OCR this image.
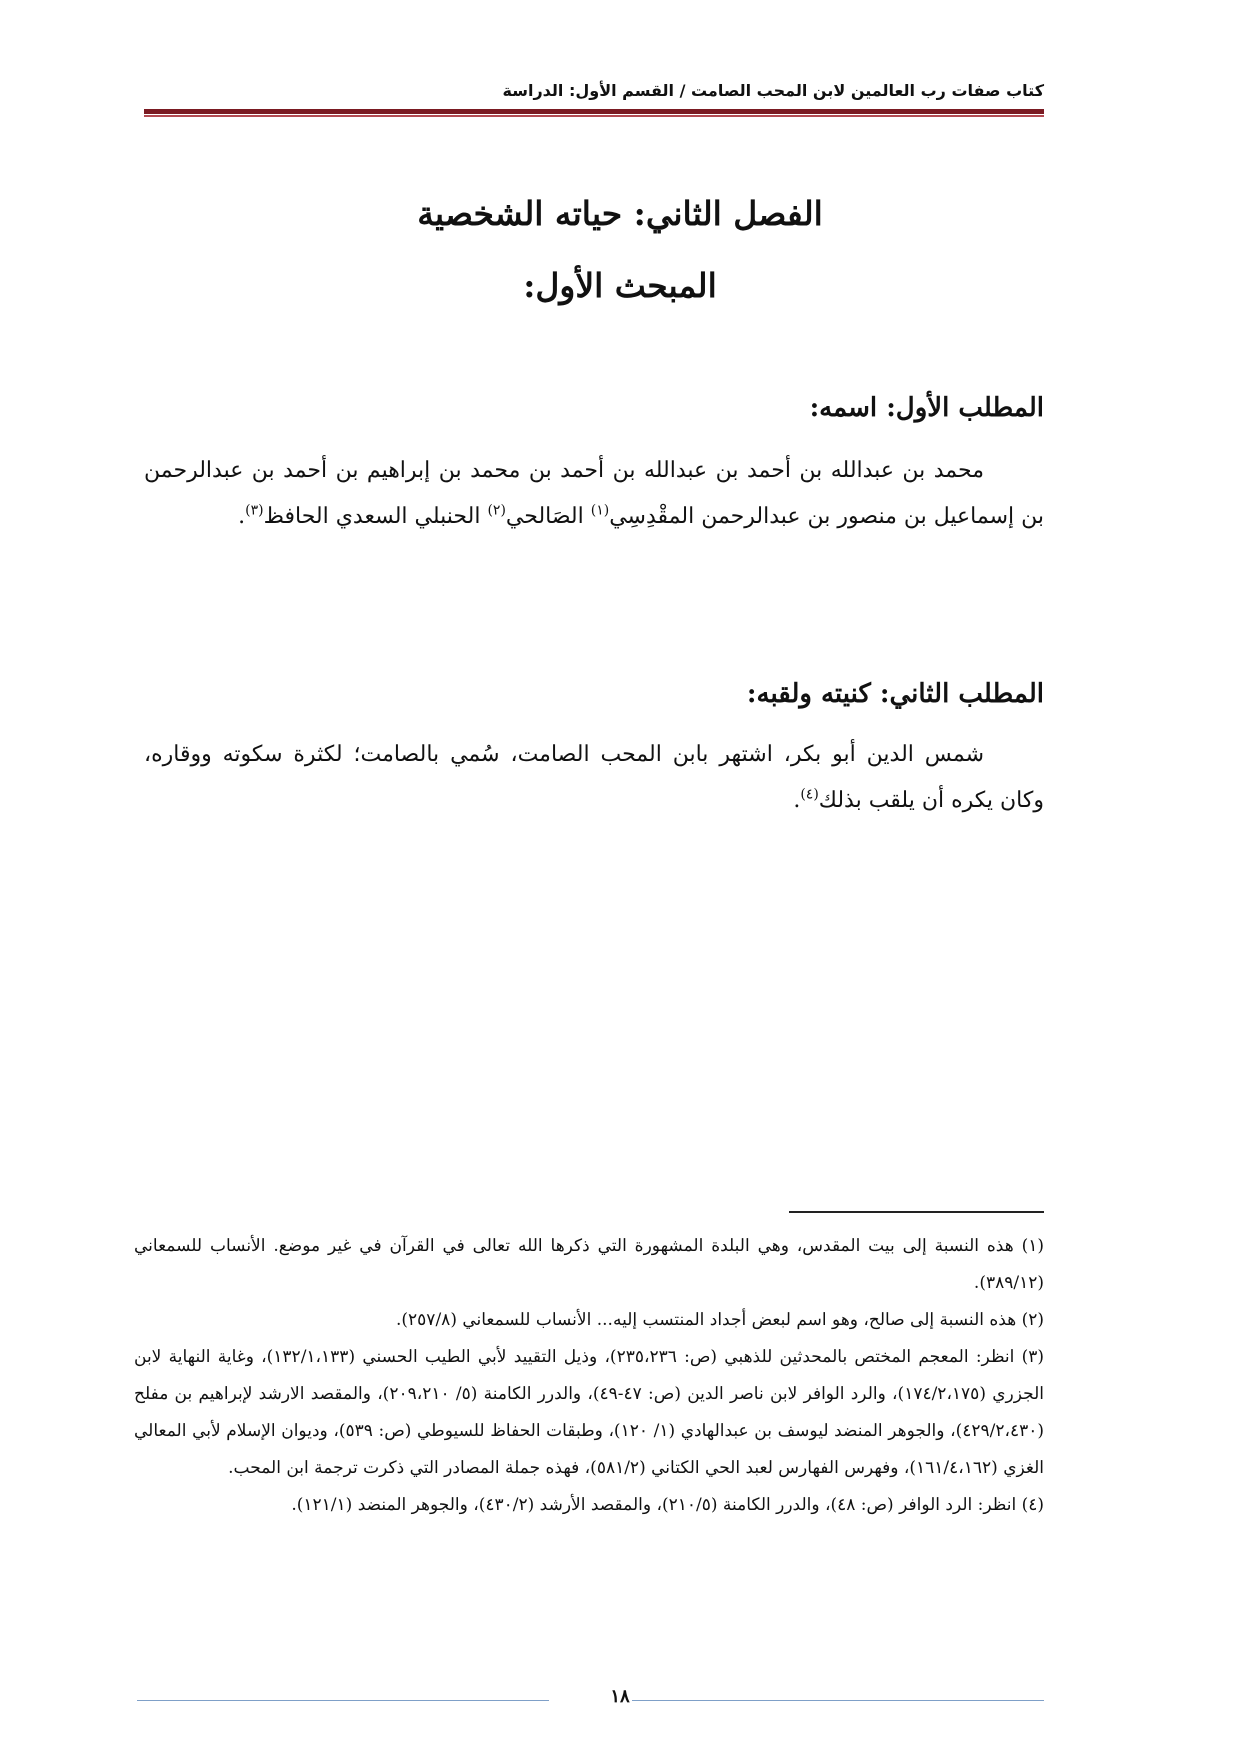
كتاب صفات رب العالمين لابن المحب الصامت / القسم الأول: الدراسة
الفصل الثاني: حياته الشخصية
المبحث الأول:
المطلب الأول: اسمه:

محمد بن عبدالله بن أحمد بن عبدالله بن أحمد بن محمد بن إبراهيم بن أحمد بن عبدالرحمن بن إسماعيل بن منصور بن عبدالرحمن المقْدِسِي$^{(١)}$ الصَالحي$^{(٢)}$ الحنبلي السعدي الحافظ$^{(٣)}$.

المطلب الثاني: كنيته ولقبه:

شمس الدين أبو بكر، اشتهر بابن المحب الصامت، سُمي بالصامت؛ لكثرة سكوته ووقاره، وكان يكره أن يلقب بذلك$^{(٤)}$.

(١) هذه النسبة إلى بيت المقدس، وهي البلدة المشهورة التي ذكرها الله تعالى في القرآن في غير موضع. الأنساب للسمعاني (٣٨٩/١٢).

(٢) هذه النسبة إلى صالح، وهو اسم لبعض أجداد المنتسب إليه... الأنساب للسمعاني (٢٥٧/٨).

(٣) انظر: المعجم المختص بالمحدثين للذهبي (ص: ٢٣٥،٢٣٦)، وذيل التقييد لأبي الطيب الحسني (١٣٢/١،١٣٣)، وغاية النهاية لابن الجزري (١٧٤/٢،١٧٥)، والرد الوافر لابن ناصر الدين (ص: ٤٧-٤٩)، والدرر الكامنة (٥/ ٢٠٩،٢١٠)، والمقصد الارشد لإبراهيم بن مفلح (٤٢٩/٢،٤٣٠)، والجوهر المنضد ليوسف بن عبدالهادي (١/ ١٢٠)، وطبقات الحفاظ للسيوطي (ص: ٥٣٩)، وديوان الإسلام لأبي المعالي الغزي (١٦١/٤،١٦٢)، وفهرس الفهارس لعبد الحي الكتاني (٥٨١/٢)، فهذه جملة المصادر التي ذكرت ترجمة ابن المحب.

(٤) انظر: الرد الوافر (ص: ٤٨)، والدرر الكامنة (٢١٠/٥)، والمقصد الأرشد (٤٣٠/٢)، والجوهر المنضد (١٢١/١).

١٨
